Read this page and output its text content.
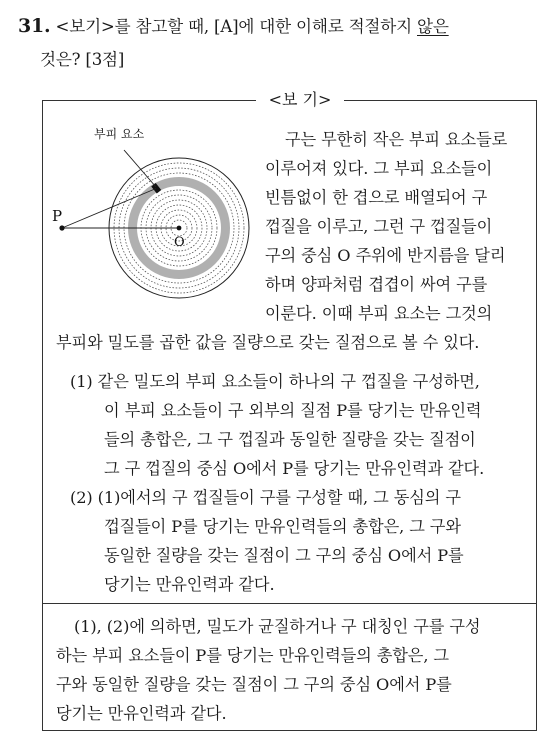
31. <보기>를 참고할 때, [A]에 대한 이해로 적절하지 않은
것은? [3점]
<보 기>
부피 요소
P
O
구는 무한히 작은 부피 요소들로
이루어져 있다. 그 부피 요소들이
빈틈없이 한 겹으로 배열되어 구
껍질을 이루고, 그런 구 껍질들이
구의 중심 O 주위에 반지름을 달리
하며 양파처럼 겹겹이 싸여 구를
이룬다. 이때 부피 요소는 그것의
부피와 밀도를 곱한 값을 질량으로 갖는 질점으로 볼 수 있다.
(1) 같은 밀도의 부피 요소들이 하나의 구 껍질을 구성하면,
이 부피 요소들이 구 외부의 질점 P를 당기는 만유인력
들의 총합은, 그 구 껍질과 동일한 질량을 갖는 질점이
그 구 껍질의 중심 O에서 P를 당기는 만유인력과 같다.
(2) (1)에서의 구 껍질들이 구를 구성할 때, 그 동심의 구
껍질들이 P를 당기는 만유인력들의 총합은, 그 구와
동일한 질량을 갖는 질점이 그 구의 중심 O에서 P를
당기는 만유인력과 같다.
(1), (2)에 의하면, 밀도가 균질하거나 구 대칭인 구를 구성
하는 부피 요소들이 P를 당기는 만유인력들의 총합은, 그
구와 동일한 질량을 갖는 질점이 그 구의 중심 O에서 P를
당기는 만유인력과 같다.
